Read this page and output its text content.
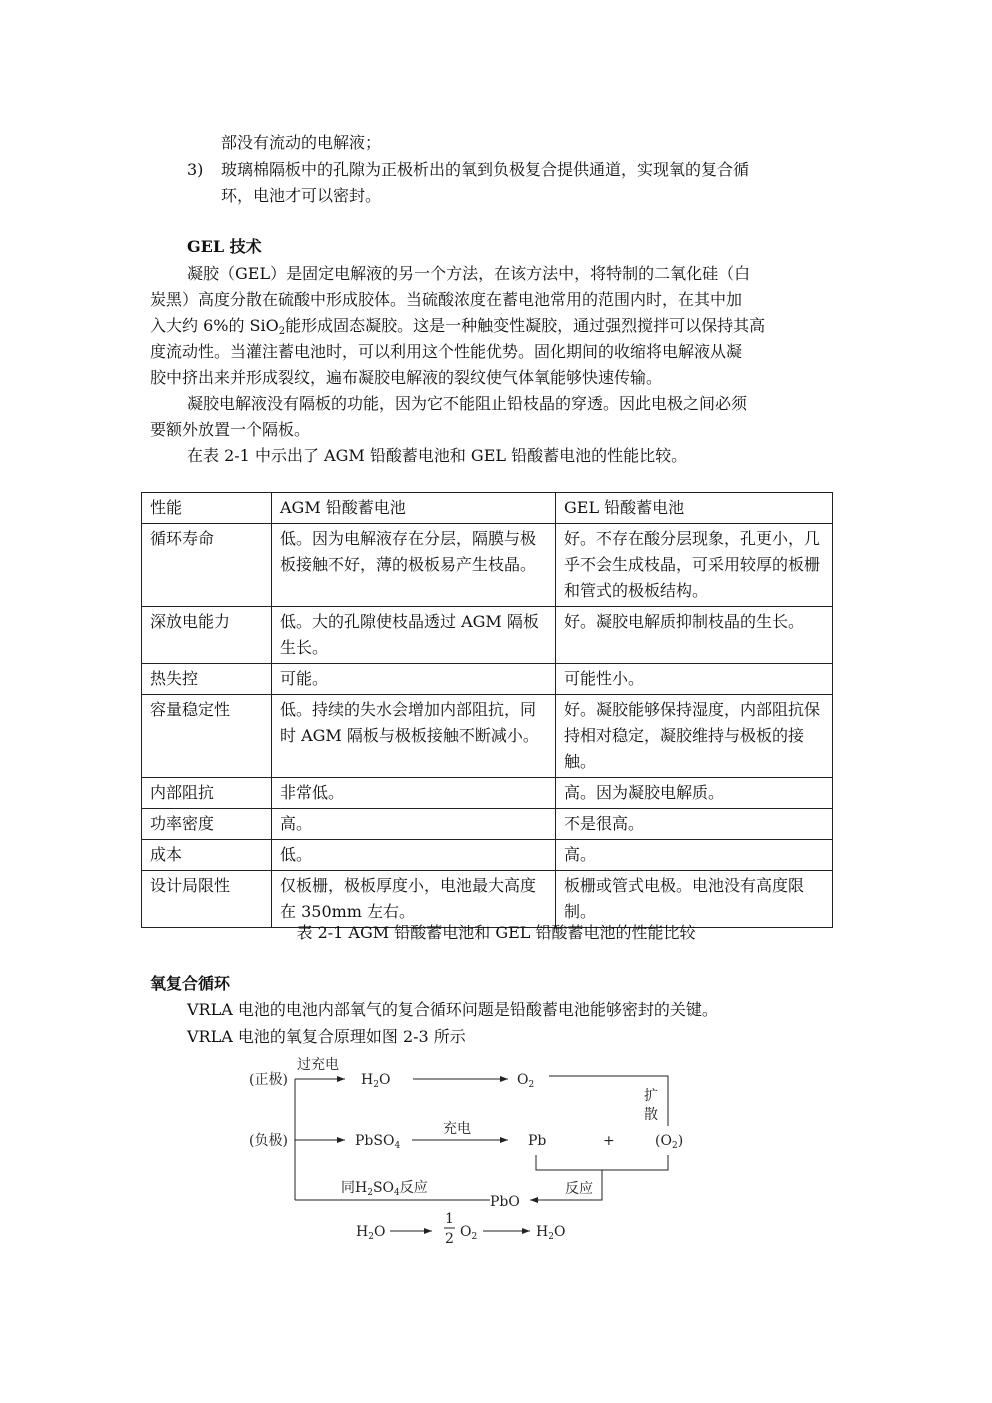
部没有流动的电解液；
3) 玻璃棉隔板中的孔隙为正极析出的氧到负极复合提供通道，实现氧的复合循
环，电池才可以密封。
GEL 技术
凝胶（GEL）是固定电解液的另一个方法，在该方法中，将特制的二氧化硅（白
炭黑）高度分散在硫酸中形成胶体。当硫酸浓度在蓄电池常用的范围内时，在其中加
入大约 6%的 SiO$_2$能形成固态凝胶。这是一种触变性凝胶，通过强烈搅拌可以保持其高
度流动性。当灌注蓄电池时，可以利用这个性能优势。固化期间的收缩将电解液从凝
胶中挤出来并形成裂纹，遍布凝胶电解液的裂纹使气体氧能够快速传输。
凝胶电解液没有隔板的功能，因为它不能阻止铅枝晶的穿透。因此电极之间必须
要额外放置一个隔板。
在表 2-1 中示出了 AGM 铅酸蓄电池和 GEL 铅酸蓄电池的性能比较。
性能	AGM 铅酸蓄电池	GEL 铅酸蓄电池
循环寿命	低。因为电解液存在分层，隔膜与极板接触不好，薄的极板易产生枝晶。	好。不存在酸分层现象，孔更小，几乎不会生成枝晶，可采用较厚的板栅和管式的极板结构。
深放电能力	低。大的孔隙使枝晶透过 AGM 隔板生长。	好。凝胶电解质抑制枝晶的生长。
热失控	可能。	可能性小。
容量稳定性	低。持续的失水会增加内部阻抗，同时 AGM 隔板与极板接触不断减小。	好。凝胶能够保持湿度，内部阻抗保持相对稳定，凝胶维持与极板的接触。
内部阻抗	非常低。	高。因为凝胶电解质。
功率密度	高。	不是很高。
成本	低。	高。
设计局限性	仅板栅，极板厚度小，电池最大高度在 350mm 左右。	板栅或管式电极。电池没有高度限制。
表 2-1 AGM 铅酸蓄电池和 GEL 铅酸蓄电池的性能比较
氧复合循环
VRLA 电池的电池内部氧气的复合循环问题是铅酸蓄电池能够密封的关键。
VRLA 电池的氧复合原理如图 2-3 所示
(正极)
过充电
$H_2O$	$O_2$
扩
散
(负极)	PbSO$_4$
充电
Pb	+	$(O_2)$
同$H_2SO_4$反应
PbO
反应
$H_2O$
1
2 $O_2$	$H_2O$
